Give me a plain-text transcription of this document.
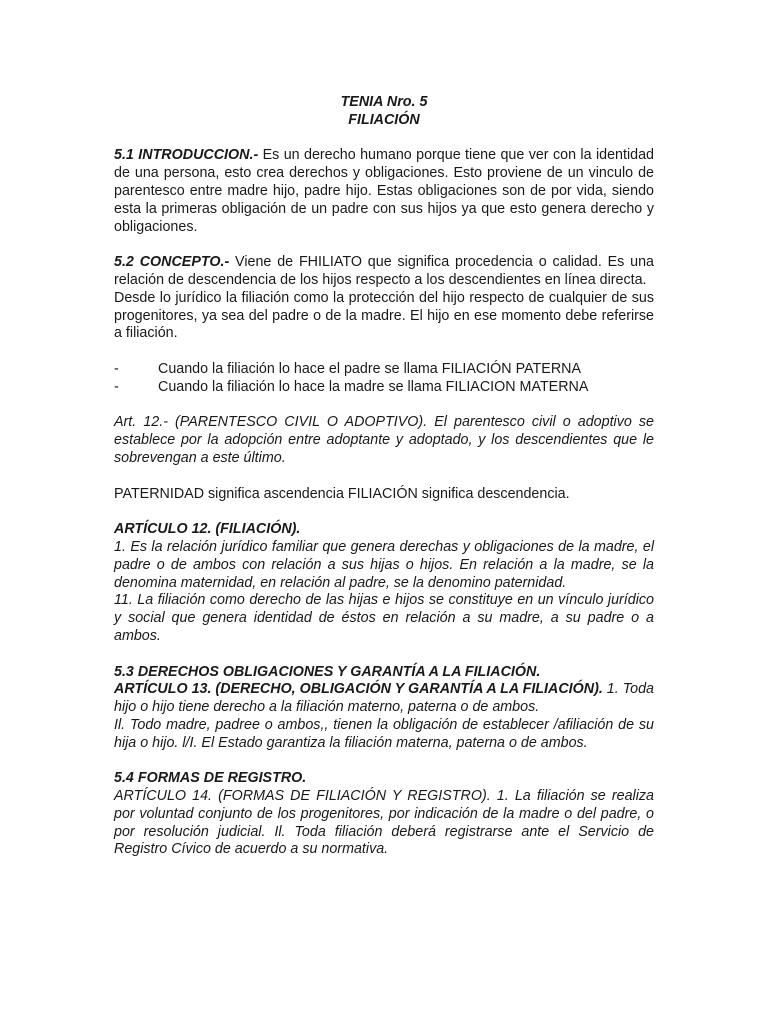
TENIA Nro. 5

FILIACIÓN

5.1 INTRODUCCION.- Es un derecho humano porque tiene que ver con la identidad de una persona, esto crea derechos y obligaciones. Esto proviene de un vinculo de parentesco entre madre hijo, padre hijo. Estas obligaciones son de por vida, siendo esta la primeras obligación de un padre con sus hijos ya que esto genera derecho y obligaciones.

5.2 CONCEPTO.- Viene de FHILIATO que significa procedencia o calidad. Es una relación de descendencia de los hijos respecto a los descendientes en línea directa.

Desde lo jurídico la filiación como la protección del hijo respecto de cualquier de sus progenitores, ya sea del padre o de la madre. El hijo en ese momento debe referirse a filiación.

-	Cuando la filiación lo hace el padre se llama FILIACIÓN PATERNA

-	Cuando la filiación lo hace la madre se llama FILIACION MATERNA

Art. 12.- (PARENTESCO CIVIL O ADOPTIVO). El parentesco civil o adoptivo se establece por la adopción entre adoptante y adoptado, y los descendientes que le sobrevengan a este último.

PATERNIDAD significa ascendencia FILIACIÓN significa descendencia.

ARTÍCULO 12. (FILIACIÓN).

1. Es la relación jurídico familiar que genera derechas y obligaciones de la madre, el padre o de ambos con relación a sus hijas o hijos. En relación a la madre, se la denomina maternidad, en relación al padre, se la denomino paternidad.

11. La filiación como derecho de las hijas e hijos se constituye en un vínculo jurídico y social que genera identidad de éstos en relación a su madre, a su padre o a ambos.

5.3 DERECHOS OBLIGACIONES Y GARANTÍA A LA FILIACIÓN.

ARTÍCULO 13. (DERECHO, OBLIGACIÓN Y GARANTÍA A LA FILIACIÓN). 1. Toda hijo o hijo tiene derecho a la filiación materno, paterna o de ambos.

Il. Todo madre, padree o ambos,, tienen la obligación de establecer /afiliación de su hija o hijo. l/I. El Estado garantiza la filiación materna, paterna o de ambos.

5.4 FORMAS DE REGISTRO.

ARTÍCULO 14. (FORMAS DE FILIACIÓN Y REGISTRO). 1. La filiación se realiza por voluntad conjunto de los progenitores, por indicación de la madre o del padre, o por resolución judicial. Il. Toda filiación deberá registrarse ante el Servicio de Registro Cívico de acuerdo a su normativa.
